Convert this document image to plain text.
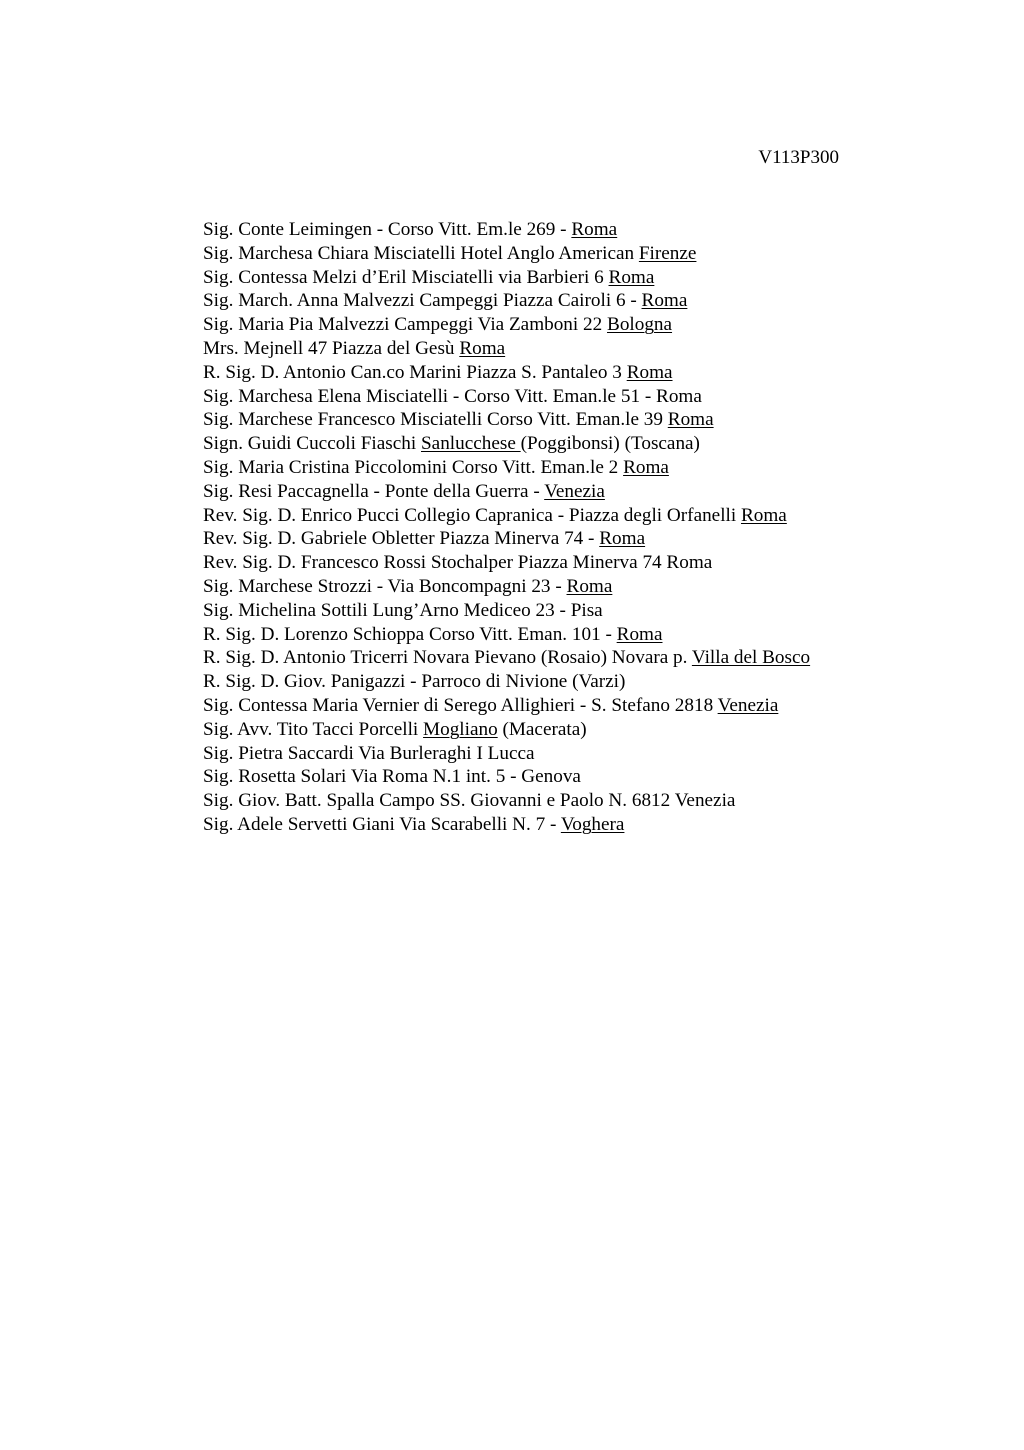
V113P300
Sig. Conte Leimingen - Corso Vitt. Em.le 269 - Roma
Sig. Marchesa Chiara Misciatelli Hotel Anglo American Firenze
Sig. Contessa Melzi d’Eril Misciatelli via Barbieri 6 Roma
Sig. March. Anna Malvezzi Campeggi Piazza Cairoli 6 - Roma
Sig. Maria Pia Malvezzi Campeggi Via Zamboni 22 Bologna
Mrs. Mejnell 47 Piazza del Gesù Roma
R. Sig. D. Antonio Can.co Marini Piazza S. Pantaleo 3 Roma
Sig. Marchesa Elena Misciatelli - Corso Vitt. Eman.le 51 - Roma
Sig. Marchese Francesco Misciatelli Corso Vitt. Eman.le 39 Roma
Sign. Guidi Cuccoli Fiaschi Sanlucchese (Poggibonsi) (Toscana)
Sig. Maria Cristina Piccolomini Corso Vitt. Eman.le 2 Roma
Sig. Resi Paccagnella - Ponte della Guerra - Venezia
Rev. Sig. D. Enrico Pucci Collegio Capranica - Piazza degli Orfanelli Roma
Rev. Sig. D. Gabriele Obletter Piazza Minerva 74 - Roma
Rev. Sig. D. Francesco Rossi Stochalper Piazza Minerva 74 Roma
Sig. Marchese Strozzi - Via Boncompagni 23 - Roma
Sig. Michelina Sottili Lung’Arno Mediceo 23 - Pisa
R. Sig. D. Lorenzo Schioppa Corso Vitt. Eman. 101 - Roma
R. Sig. D. Antonio Tricerri Novara Pievano (Rosaio) Novara p. Villa del Bosco
R. Sig. D. Giov. Panigazzi - Parroco di Nivione (Varzi)
Sig. Contessa Maria Vernier di Serego Allighieri - S. Stefano 2818 Venezia
Sig. Avv. Tito Tacci Porcelli Mogliano (Macerata)
Sig. Pietra Saccardi Via Burleraghi I Lucca
Sig. Rosetta Solari Via Roma N.1 int. 5 - Genova
Sig. Giov. Batt. Spalla Campo SS. Giovanni e Paolo N. 6812 Venezia
Sig. Adele Servetti Giani Via Scarabelli N. 7 - Voghera
